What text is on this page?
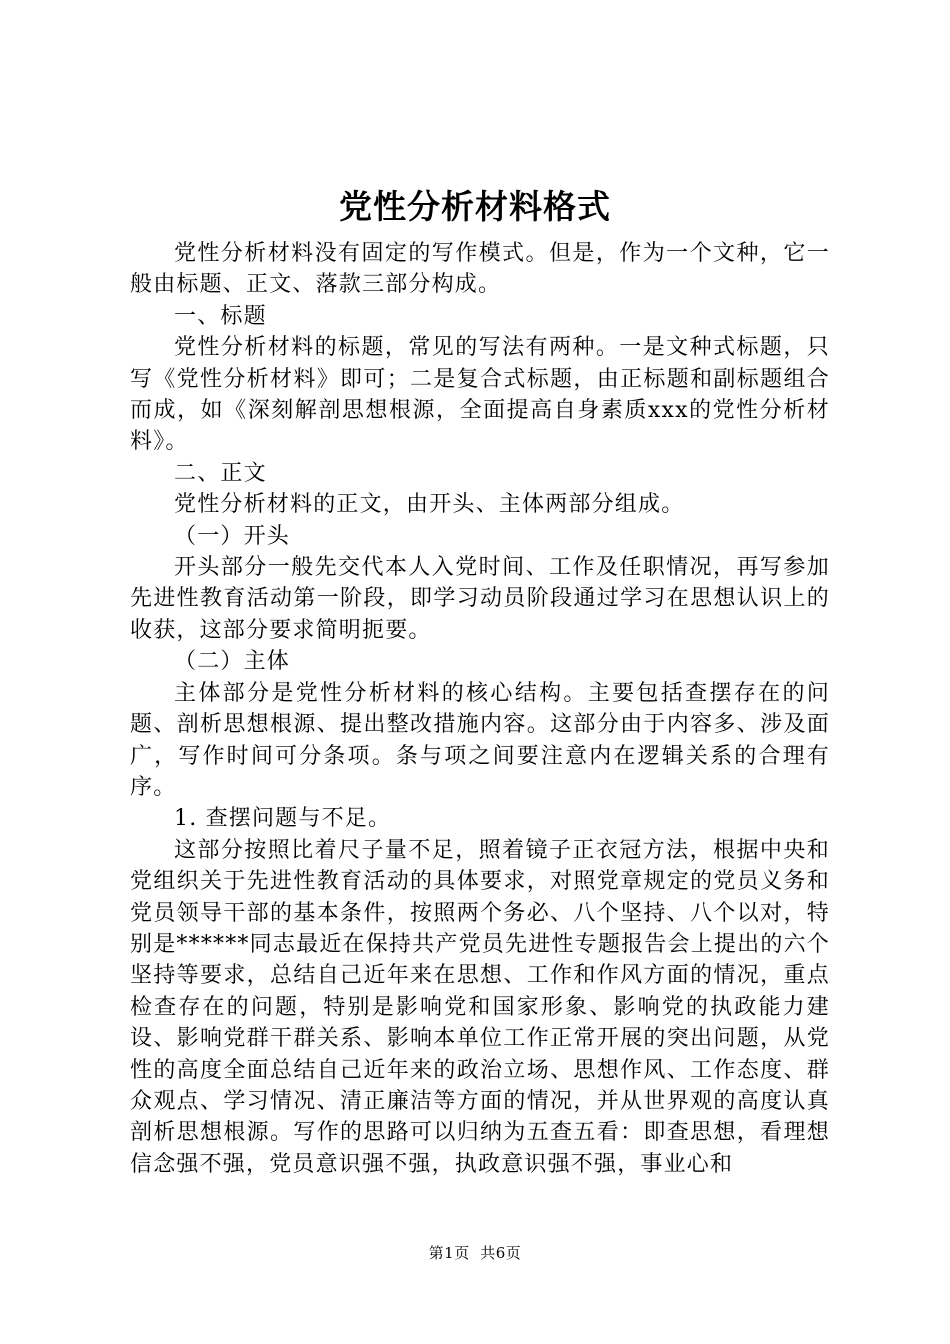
党性分析材料格式

党性分析材料没有固定的写作模式。但是，作为一个文种，它一般由标题、正文、落款三部分构成。

一、标题

党性分析材料的标题，常见的写法有两种。一是文种式标题，只写《党性分析材料》即可；二是复合式标题，由正标题和副标题组合而成，如《深刻解剖思想根源，全面提高自身素质xxx的党性分析材料》。

二、正文

党性分析材料的正文，由开头、主体两部分组成。

（一）开头

开头部分一般先交代本人入党时间、工作及任职情况，再写参加先进性教育活动第一阶段，即学习动员阶段通过学习在思想认识上的收获，这部分要求简明扼要。

（二）主体

主体部分是党性分析材料的核心结构。主要包括查摆存在的问题、剖析思想根源、提出整改措施内容。这部分由于内容多、涉及面广，写作时间可分条项。条与项之间要注意内在逻辑关系的合理有序。

1. 查摆问题与不足。

这部分按照比着尺子量不足，照着镜子正衣冠方法，根据中央和党组织关于先进性教育活动的具体要求，对照党章规定的党员义务和党员领导干部的基本条件，按照两个务必、八个坚持、八个以对，特别是******同志最近在保持共产党员先进性专题报告会上提出的六个坚持等要求，总结自己近年来在思想、工作和作风方面的情况，重点检查存在的问题，特别是影响党和国家形象、影响党的执政能力建设、影响党群干群关系、影响本单位工作正常开展的突出问题，从党性的高度全面总结自己近年来的政治立场、思想作风、工作态度、群众观点、学习情况、清正廉洁等方面的情况，并从世界观的高度认真剖析思想根源。写作的思路可以归纳为五查五看：即查思想，看理想信念强不强，党员意识强不强，执政意识强不强，事业心和

第1页 共6页
